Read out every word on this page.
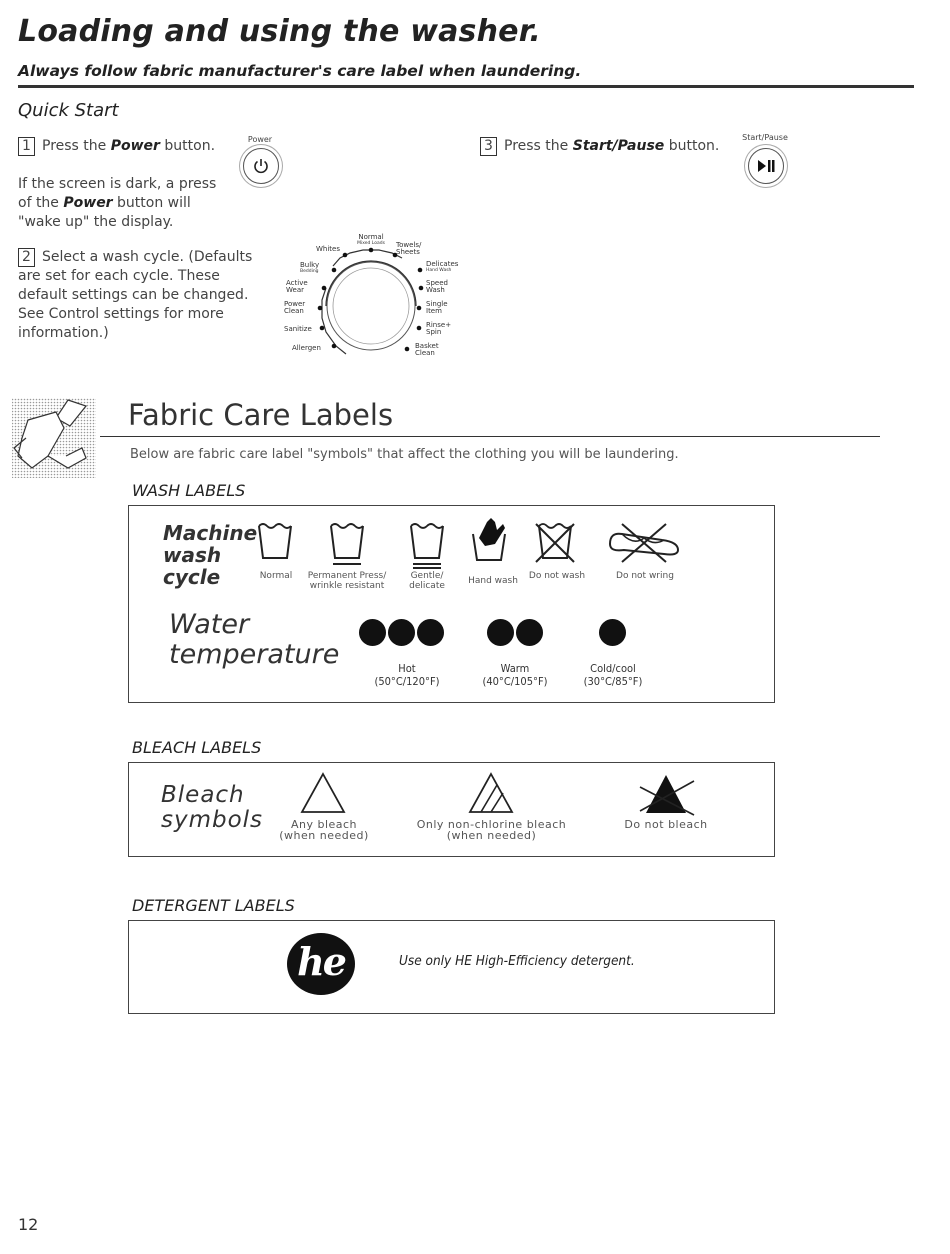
Loading and using the washer.
Always follow fabric manufacturer's care label when laundering.
Quick Start
1 Press the Power button.	Power
If the screen is dark, a press of the Power button will "wake up" the display.
2 Select a wash cycle. (Defaults are set for each cycle. These default settings can be changed. See Control settings for more information.)
Normal
Mixed Loads
Whites
Bulky
Bedding
Active
Wear
Power
Clean
Sanitize
Allergen
Towels/
Sheets
Delicates
Hand Wash
Speed
Wash
Single
Item
Rinse+
Spin
Basket
Clean
3 Press the Start/Pause button.
Start/Pause
Fabric Care Labels
Below are fabric care label "symbols" that affect the clothing you will be laundering.
WASH LABELS
Machine
wash
cycle	Normal	Permanent Press/
wrinkle resistant
Gentle/
delicate	Hand wash	Do not wash	Do not wring
Water
temperature	Hot
(50°C/120°F)
Warm
(40°C/105°F)
Cold/cool
(30°C/85°F)
BLEACH LABELS
Bleach
symbols	Any bleach
(when needed)
Only non-chlorine bleach
(when needed)
Do not bleach
DETERGENT LABELS
he	Use only HE High-Efficiency detergent.
12
